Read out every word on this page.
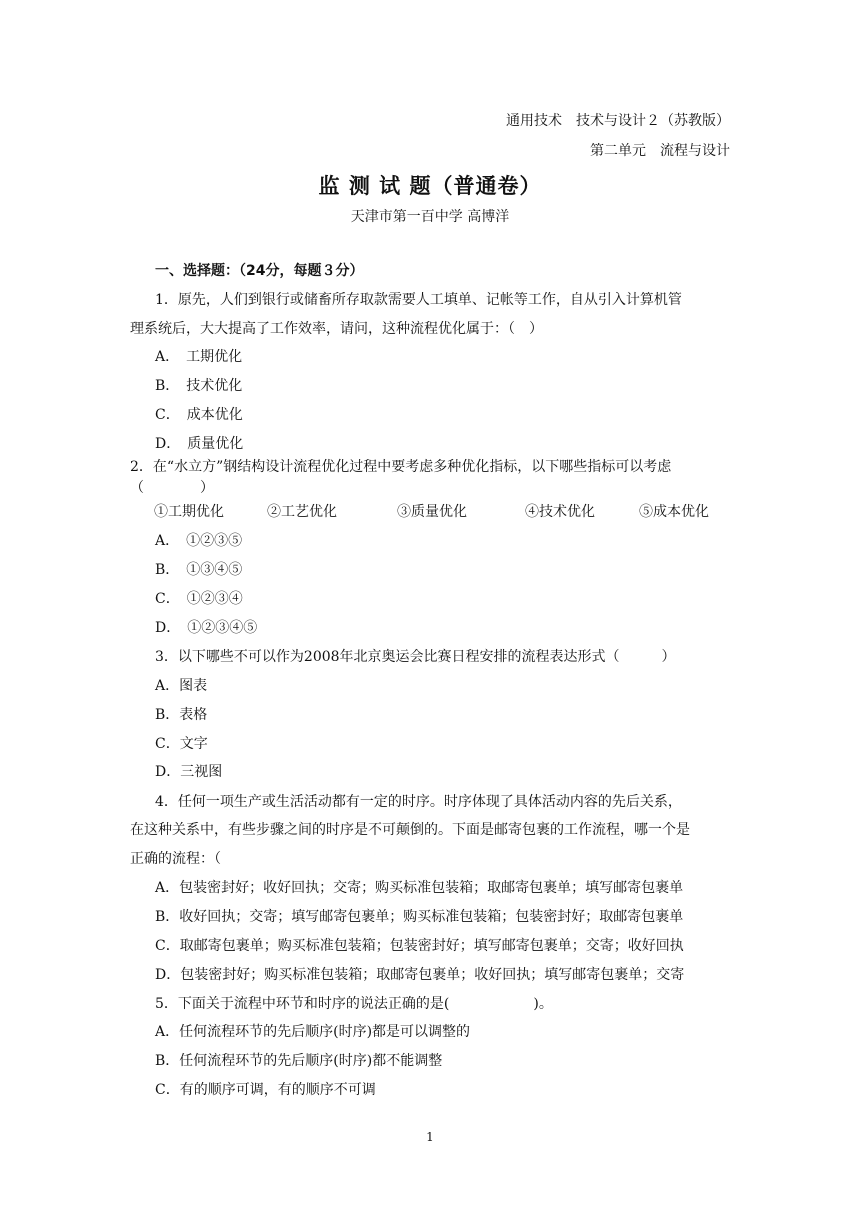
通用技术　技术与设计２（苏教版）
第二单元　流程与设计
监 测 试 题（普通卷）
天津市第一百中学 高博洋
一、选择题：（24分，每题３分）
1．原先，人们到银行或储畜所存取款需要人工填单、记帐等工作，自从引入计算机管
理系统后，大大提高了工作效率，请问，这种流程优化属于：（　）
A．　工期优化
B．　技术优化
C．　成本优化
D．　质量优化
2．在“水立方”钢结构设计流程优化过程中要考虑多种优化指标，以下哪些指标可以考虑
（　　　　）
①工期优化	②工艺优化	③质量优化	④技术优化	⑤成本优化
A．　①②③⑤
B．　①③④⑤
C．　①②③④
D．　①②③④⑤
3．以下哪些不可以作为2008年北京奥运会比赛日程安排的流程表达形式（　　　）
A．图表
B．表格
C．文字
D．三视图
4．任何一项生产或生活活动都有一定的时序。时序体现了具体活动内容的先后关系，
在这种关系中，有些步骤之间的时序是不可颠倒的。下面是邮寄包裹的工作流程，哪一个是
正确的流程：（
A．包装密封好；收好回执；交寄；购买标准包装箱；取邮寄包裹单；填写邮寄包裹单
B．收好回执；交寄；填写邮寄包裹单；购买标准包装箱；包装密封好；取邮寄包裹单
C．取邮寄包裹单；购买标准包装箱；包装密封好；填写邮寄包裹单；交寄；收好回执
D．包装密封好；购买标准包装箱；取邮寄包裹单；收好回执；填写邮寄包裹单；交寄
5．下面关于流程中环节和时序的说法正确的是(　　　　　　)。
A．任何流程环节的先后顺序(时序)都是可以调整的
B．任何流程环节的先后顺序(时序)都不能调整
C．有的顺序可调，有的顺序不可调
1
